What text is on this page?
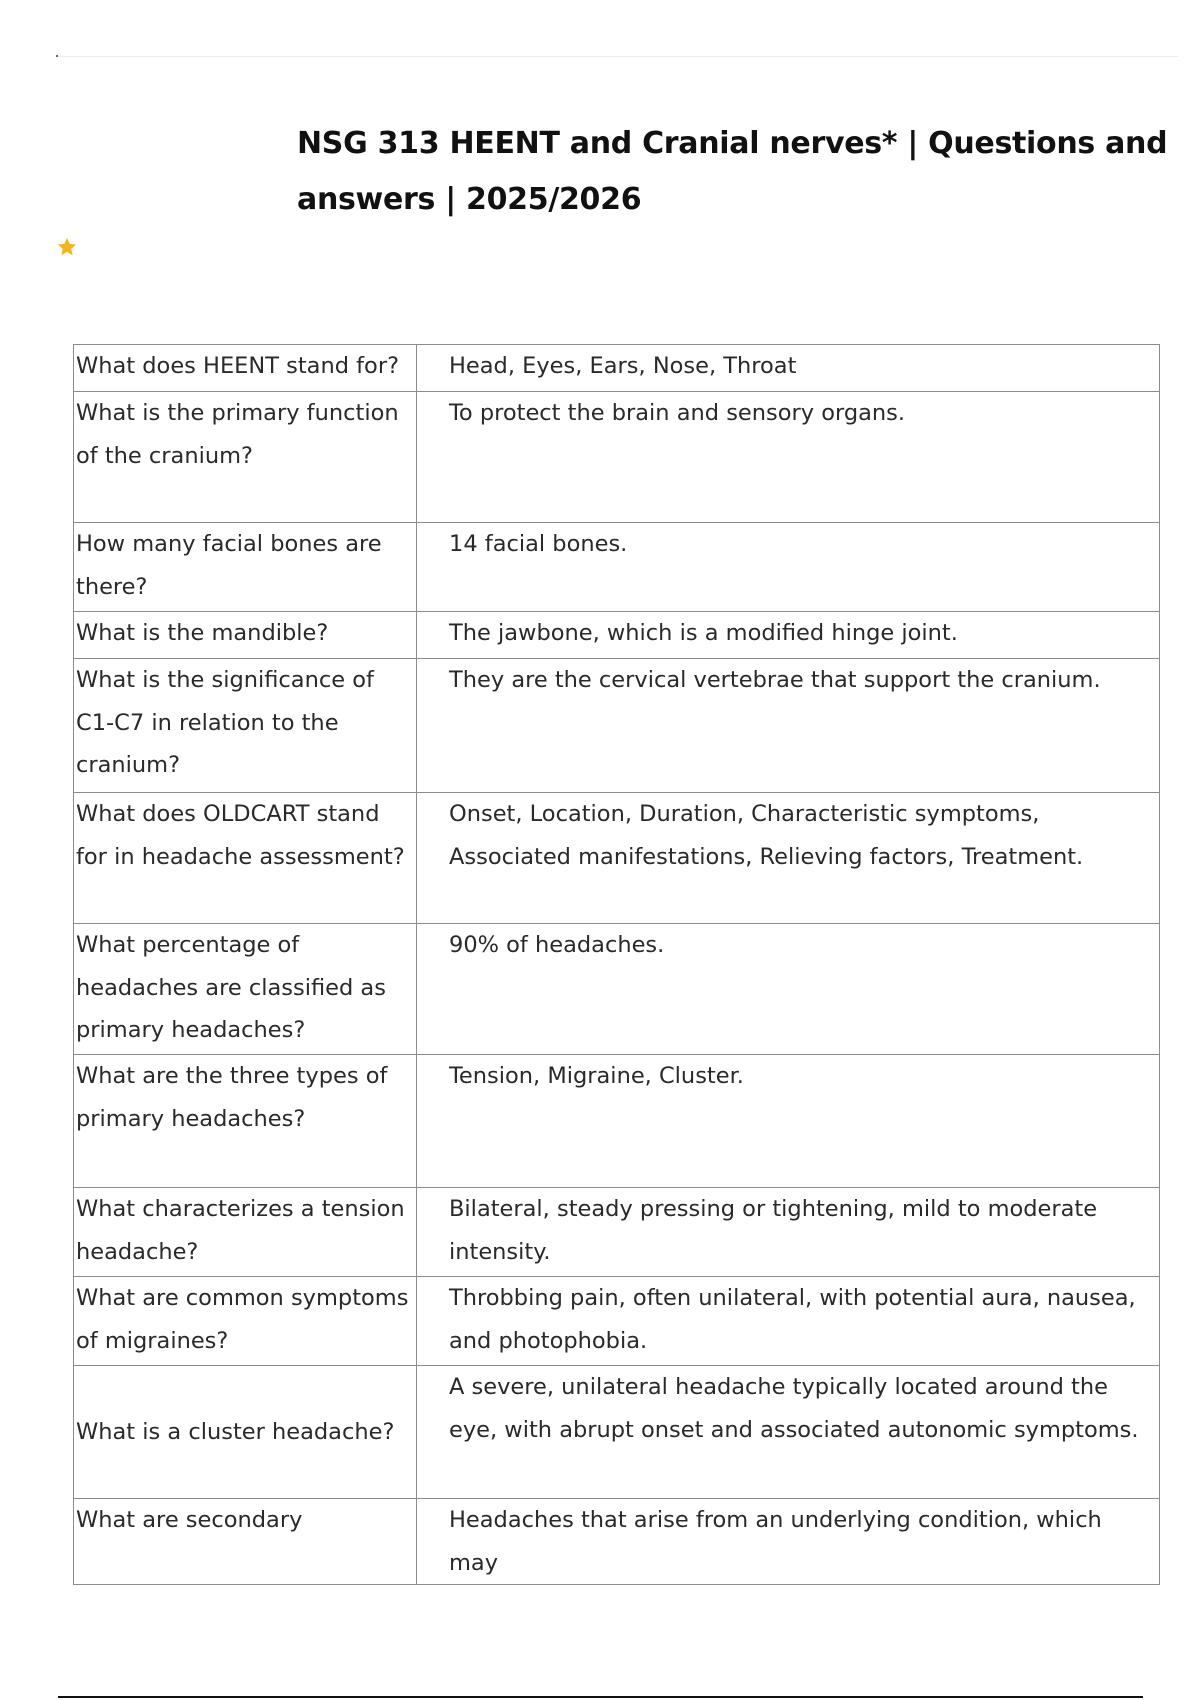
NSG 313 HEENT and Cranial nerves* | Questions and answers | 2025/2026
What does HEENT stand for?	Head, Eyes, Ears, Nose, Throat
What is the primary function of the cranium?	To protect the brain and sensory organs.
How many facial bones are there?	14 facial bones.
What is the mandible?	The jawbone, which is a modified hinge joint.
What is the significance of C1-C7 in relation to the cranium?	They are the cervical vertebrae that support the cranium.
What does OLDCART stand for in headache assessment?	Onset, Location, Duration, Characteristic symptoms, Associated manifestations, Relieving factors, Treatment.
What percentage of headaches are classified as primary headaches?	90% of headaches.
What are the three types of primary headaches?	Tension, Migraine, Cluster.
What characterizes a tension headache?	Bilateral, steady pressing or tightening, mild to moderate intensity.
What are common symptoms of migraines?	Throbbing pain, often unilateral, with potential aura, nausea, and photophobia.
What is a cluster headache?	A severe, unilateral headache typically located around the eye, with abrupt onset and associated autonomic symptoms.
What are secondary	Headaches that arise from an underlying condition, which may
